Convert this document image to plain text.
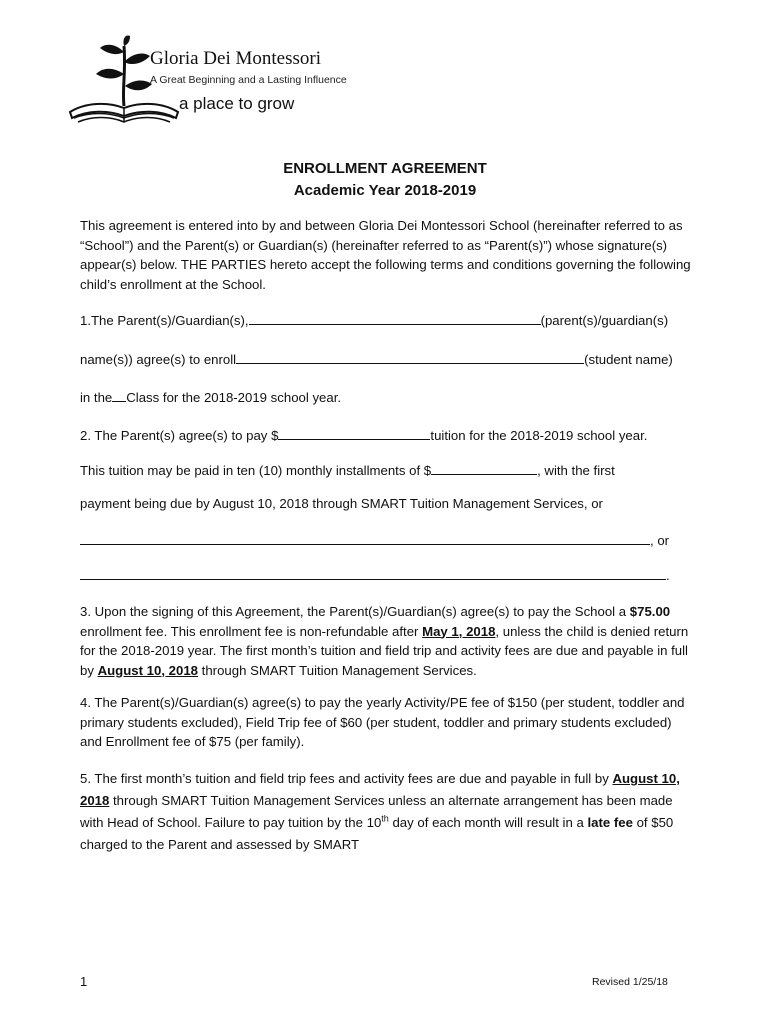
Gloria Dei Montessori
A Great Beginning and a Lasting Influence
a place to grow
ENROLLMENT AGREEMENT
Academic Year 2018-2019

This agreement is entered into by and between Gloria Dei Montessori School (hereinafter referred to as “School”) and the Parent(s) or Guardian(s) (hereinafter referred to as “Parent(s)”) whose signature(s) appear(s) below. THE PARTIES hereto accept the following terms and conditions governing the following child’s enrollment at the School.

1.The Parent(s)/Guardian(s),	(parent(s)/guardian(s)
name(s)) agree(s) to enroll	(student name)
in the Class for the 2018-2019 school year.
2. The Parent(s) agree(s) to pay $	tuition for the 2018-2019 school year.
This tuition may be paid in ten (10) monthly installments of $	, with the first
payment being due by August 10, 2018 through SMART Tuition Management Services, or
, or
.

3. Upon the signing of this Agreement, the Parent(s)/Guardian(s) agree(s) to pay the School a $75.00 enrollment fee. This enrollment fee is non-refundable after May 1, 2018, unless the child is denied return for the 2018-2019 year. The first month’s tuition and field trip and activity fees are due and payable in full by August 10, 2018 through SMART Tuition Management Services.

4. The Parent(s)/Guardian(s) agree(s) to pay the yearly Activity/PE fee of $150 (per student, toddler and primary students excluded), Field Trip fee of $60 (per student, toddler and primary students excluded) and Enrollment fee of $75 (per family).

5. The first month’s tuition and field trip fees and activity fees are due and payable in full by August 10, 2018 through SMART Tuition Management Services unless an alternate arrangement has been made with Head of School. Failure to pay tuition by the 10th day of each month will result in a late fee of $50 charged to the Parent and assessed by SMART

1	Revised 1/25/18
